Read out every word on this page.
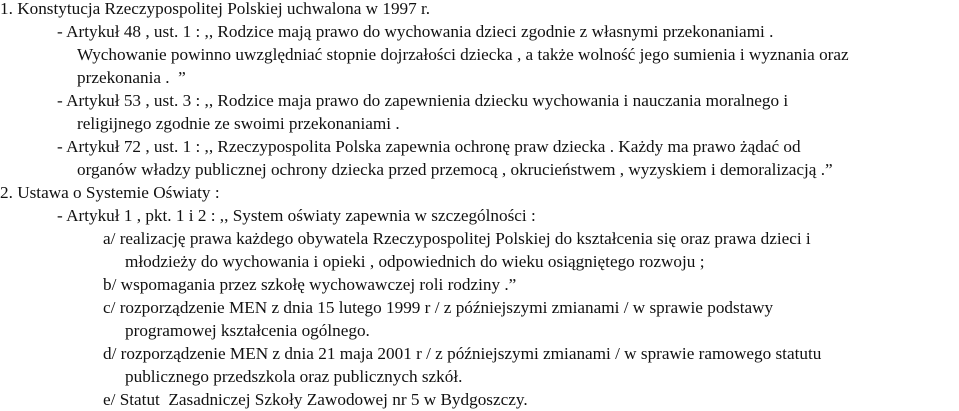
1. Konstytucja Rzeczypospolitej Polskiej uchwalona w 1997 r.
- Artykuł 48 , ust. 1 : ,, Rodzice mają prawo do wychowania dzieci zgodnie z własnymi przekonaniami .
Wychowanie powinno uwzględniać stopnie dojrzałości dziecka , a także wolność jego sumienia i wyznania oraz
przekonania .  ”
- Artykuł 53 , ust. 3 : ,, Rodzice maja prawo do zapewnienia dziecku wychowania i nauczania moralnego i
religijnego zgodnie ze swoimi przekonaniami .
- Artykuł 72 , ust. 1 : ,, Rzeczypospolita Polska zapewnia ochronę praw dziecka . Każdy ma prawo żądać od
organów władzy publicznej ochrony dziecka przed przemocą , okrucieństwem , wyzyskiem i demoralizacją .”
2. Ustawa o Systemie Oświaty :
- Artykuł 1 , pkt. 1 i 2 : ,, System oświaty zapewnia w szczególności :
a/ realizację prawa każdego obywatela Rzeczypospolitej Polskiej do kształcenia się oraz prawa dzieci i
młodzieży do wychowania i opieki , odpowiednich do wieku osiągniętego rozwoju ;
b/ wspomagania przez szkołę wychowawczej roli rodziny .”
c/ rozporządzenie MEN z dnia 15 lutego 1999 r / z późniejszymi zmianami / w sprawie podstawy
programowej kształcenia ogólnego.
d/ rozporządzenie MEN z dnia 21 maja 2001 r / z późniejszymi zmianami / w sprawie ramowego statutu
publicznego przedszkola oraz publicznych szkół.
e/ Statut  Zasadniczej Szkoły Zawodowej nr 5 w Bydgoszczy.
